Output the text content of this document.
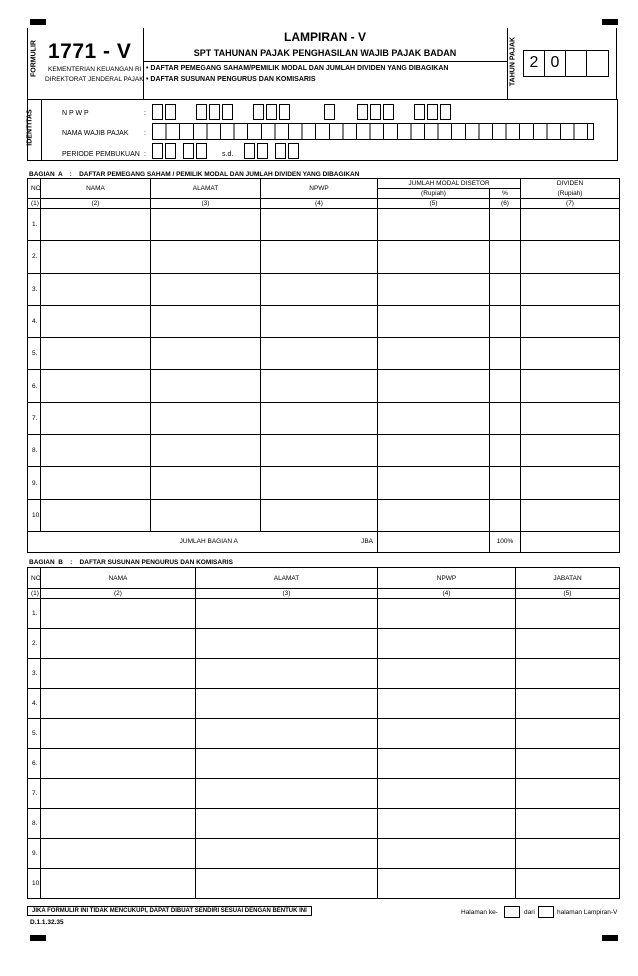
FORMULIR 1771 - V
KEMENTERIAN KEUANGAN RI
DIREKTORAT JENDERAL PAJAK
LAMPIRAN - V
SPT TAHUNAN PAJAK PENGHASILAN WAJIB PAJAK BADAN
• DAFTAR PEMEGANG SAHAM/PEMILIK MODAL DAN JUMLAH DIVIDEN YANG DIBAGIKAN
• DAFTAR SUSUNAN PENGURUS DAN KOMISARIS	TAHUN PAJAK 2 0
IDENTITAS	N P W P	:
NAMA WAJIB PAJAK :
PERIODE PEMBUKUAN :	s.d.
BAGIAN  A    :    DAFTAR PEMEGANG SAHAM / PEMILIK MODAL DAN JUMLAH DIVIDEN YANG DIBAGIKAN
NO	NAMA	ALAMAT	NPWP	JUMLAH MODAL DISETOR		DIVIDEN
				(Rupiah)	%	(Rupiah)
(1)	(2)	(3)	(4)	(5)	(6)	(7)
1.						
2.						
3.						
4.						
5.						
6.						
7.						
8.						
9.						
10.						
	JUMLAH BAGIAN A JBA				100%	
BAGIAN  B    :    DAFTAR SUSUNAN PENGURUS DAN KOMISARIS
NO	NAMA	ALAMAT	NPWP	JABATAN
(1)	(2)	(3)	(4)	(5)
1.				
2.				
3.				
4.				
5.				
6.				
7.				
8.				
9.				
10.				
JIKA FORMULIR INI TIDAK MENCUKUPI, DAPAT DIBUAT SENDIRI SESUAI DENGAN BENTUK INI
D.1.1.32.35
Halaman ke-	dari	halaman Lampiran-V
